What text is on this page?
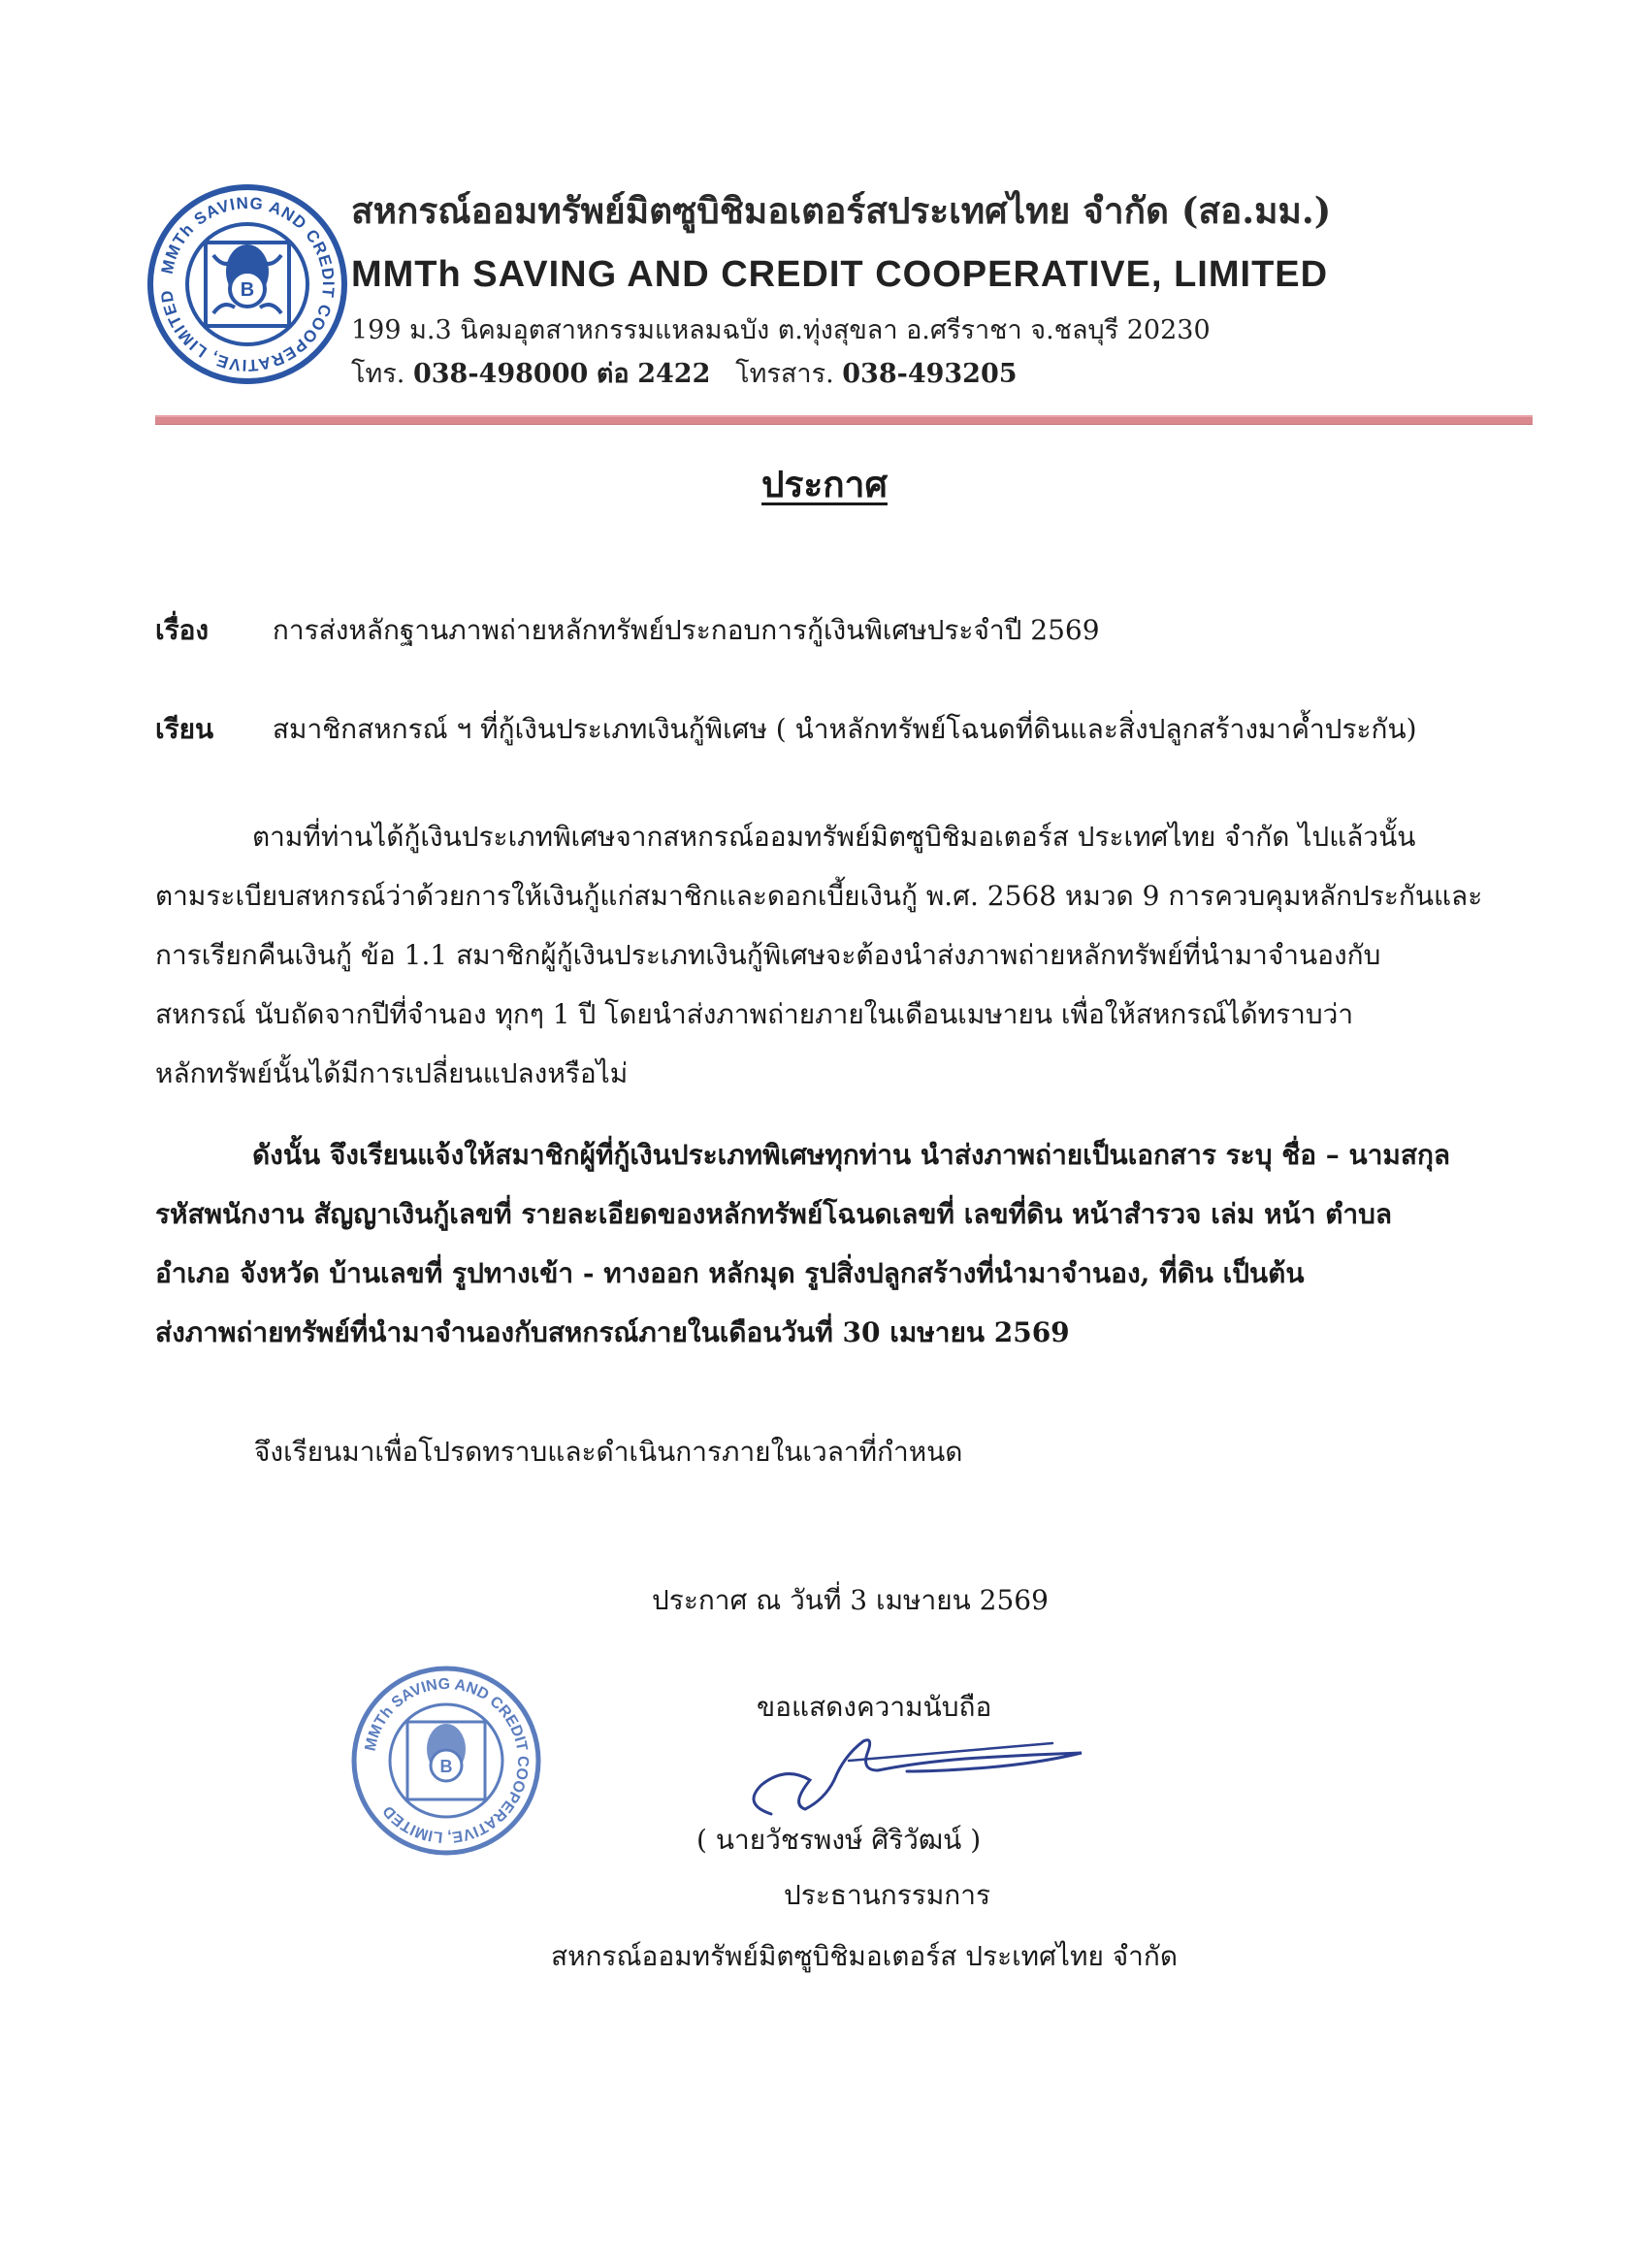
MMTh SAVING AND CREDIT COOPERATIVE, LIMITED	B
สหกรณ์ออมทรัพย์มิตซูบิชิมอเตอร์สประเทศไทย จำกัด (สอ.มม.)
MMTh SAVING AND CREDIT COOPERATIVE, LIMITED
199 ม.3 นิคมอุตสาหกรรมแหลมฉบัง ต.ทุ่งสุขลา อ.ศรีราชา จ.ชลบุรี 20230
โทร. 038-498000 ต่อ 2422 โทรสาร. 038-493205
ประกาศ
เรื่อง การส่งหลักฐานภาพถ่ายหลักทรัพย์ประกอบการกู้เงินพิเศษประจำปี 2569
เรียน สมาชิกสหกรณ์ ฯ ที่กู้เงินประเภทเงินกู้พิเศษ ( นำหลักทรัพย์โฉนดที่ดินและสิ่งปลูกสร้างมาค้ำประกัน)
ตามที่ท่านได้กู้เงินประเภทพิเศษจากสหกรณ์ออมทรัพย์มิตซูบิชิมอเตอร์ส ประเทศไทย จำกัด ไปแล้วนั้น
ตามระเบียบสหกรณ์ว่าด้วยการให้เงินกู้แก่สมาชิกและดอกเบี้ยเงินกู้ พ.ศ. 2568 หมวด 9 การควบคุมหลักประกันและ
การเรียกคืนเงินกู้ ข้อ 1.1 สมาชิกผู้กู้เงินประเภทเงินกู้พิเศษจะต้องนำส่งภาพถ่ายหลักทรัพย์ที่นำมาจำนองกับ
สหกรณ์ นับถัดจากปีที่จำนอง ทุกๆ 1 ปี โดยนำส่งภาพถ่ายภายในเดือนเมษายน เพื่อให้สหกรณ์ได้ทราบว่า
หลักทรัพย์นั้นได้มีการเปลี่ยนแปลงหรือไม่
ดังนั้น จึงเรียนแจ้งให้สมาชิกผู้ที่กู้เงินประเภทพิเศษทุกท่าน นำส่งภาพถ่ายเป็นเอกสาร ระบุ ชื่อ – นามสกุล
รหัสพนักงาน สัญญาเงินกู้เลขที่ รายละเอียดของหลักทรัพย์โฉนดเลขที่ เลขที่ดิน หน้าสำรวจ เล่ม หน้า ตำบล
อำเภอ จังหวัด บ้านเลขที่ รูปทางเข้า - ทางออก หลักมุด รูปสิ่งปลูกสร้างที่นำมาจำนอง, ที่ดิน เป็นต้น
ส่งภาพถ่ายทรัพย์ที่นำมาจำนองกับสหกรณ์ภายในเดือนวันที่ 30 เมษายน 2569
จึงเรียนมาเพื่อโปรดทราบและดำเนินการภายในเวลาที่กำหนด
ประกาศ ณ วันที่ 3 เมษายน 2569
ขอแสดงความนับถือ
MMTh SAVING AND CREDIT COOPERATIVE, LIMITED
B
( นายวัชรพงษ์ ศิริวัฒน์ )
ประธานกรรมการ
สหกรณ์ออมทรัพย์มิตซูบิชิมอเตอร์ส ประเทศไทย จำกัด
